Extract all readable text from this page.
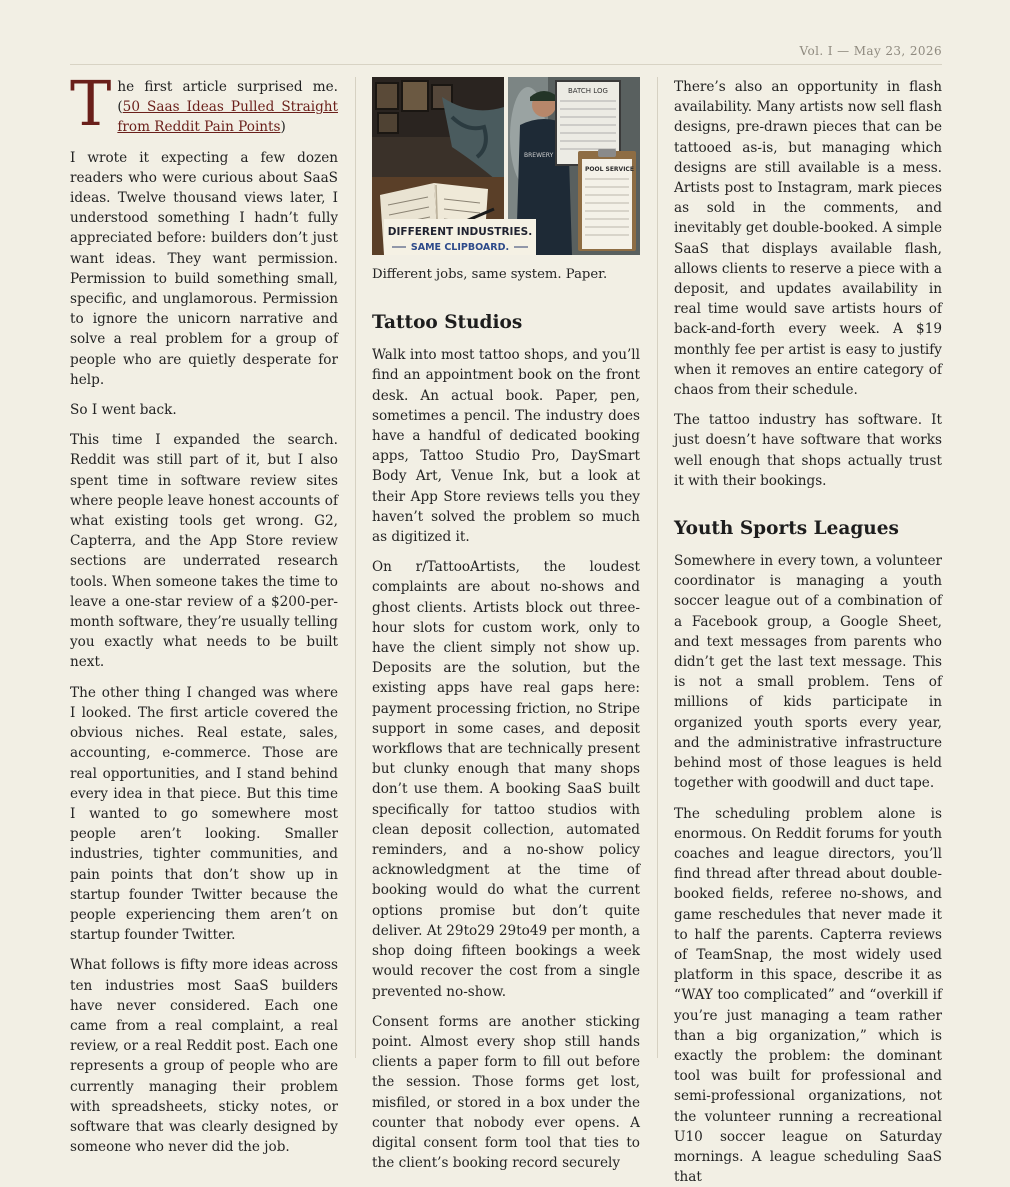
Vol. I — May 23, 2026

The first article surprised me. (50 Saas Ideas Pulled Straight from Reddit Pain Points)

I wrote it expecting a few dozen readers who were curious about SaaS ideas. Twelve thousand views later, I understood something I hadn’t fully appreciated before: builders don’t just want ideas. They want permission. Permission to build something small, specific, and unglamorous. Permission to ignore the unicorn narrative and solve a real problem for a group of people who are quietly desperate for help.

So I went back.

This time I expanded the search. Reddit was still part of it, but I also spent time in software review sites where people leave honest accounts of what existing tools get wrong. G2, Capterra, and the App Store review sections are underrated research tools. When someone takes the time to leave a one-star review of a $200-per-month software, they’re usually telling you exactly what needs to be built next.

The other thing I changed was where I looked. The first article covered the obvious niches. Real estate, sales, accounting, e-commerce. Those are real opportunities, and I stand behind every idea in that piece. But this time I wanted to go somewhere most people aren’t looking. Smaller industries, tighter communities, and pain points that don’t show up in startup founder Twitter because the people experiencing them aren’t on startup founder Twitter.

What follows is fifty more ideas across ten industries most SaaS builders have never considered. Each one came from a real complaint, a real review, or a real Reddit post. Each one represents a group of people who are currently managing their problem with spreadsheets, sticky notes, or software that was clearly designed by someone who never did the job.

BREWERY
BATCH LOG
POOL SERVICE
DIFFERENT INDUSTRIES.
SAME CLIPBOARD.

Different jobs, same system. Paper.

Tattoo Studios

Walk into most tattoo shops, and you’ll find an appointment book on the front desk. An actual book. Paper, pen, sometimes a pencil. The industry does have a handful of dedicated booking apps, Tattoo Studio Pro, DaySmart Body Art, Venue Ink, but a look at their App Store reviews tells you they haven’t solved the problem so much as digitized it.

On r/TattooArtists, the loudest complaints are about no-shows and ghost clients. Artists block out three-hour slots for custom work, only to have the client simply not show up. Deposits are the solution, but the existing apps have real gaps here: payment processing friction, no Stripe support in some cases, and deposit workflows that are technically present but clunky enough that many shops don’t use them. A booking SaaS built specifically for tattoo studios with clean deposit collection, automated reminders, and a no-show policy acknowledgment at the time of booking would do what the current options promise but don’t quite deliver. At 29to29 29to49 per month, a shop doing fifteen bookings a week would recover the cost from a single prevented no-show.

Consent forms are another sticking point. Almost every shop still hands clients a paper form to fill out before the session. Those forms get lost, misfiled, or stored in a box under the counter that nobody ever opens. A digital consent form tool that ties to the client’s booking record securely

There’s also an opportunity in flash availability. Many artists now sell flash designs, pre-drawn pieces that can be tattooed as-is, but managing which designs are still available is a mess. Artists post to Instagram, mark pieces as sold in the comments, and inevitably get double-booked. A simple SaaS that displays available flash, allows clients to reserve a piece with a deposit, and updates availability in real time would save artists hours of back-and-forth every week. A $19 monthly fee per artist is easy to justify when it removes an entire category of chaos from their schedule.

The tattoo industry has software. It just doesn’t have software that works well enough that shops actually trust it with their bookings.

Youth Sports Leagues

Somewhere in every town, a volunteer coordinator is managing a youth soccer league out of a combination of a Facebook group, a Google Sheet, and text messages from parents who didn’t get the last text message. This is not a small problem. Tens of millions of kids participate in organized youth sports every year, and the administrative infrastructure behind most of those leagues is held together with goodwill and duct tape.

The scheduling problem alone is enormous. On Reddit forums for youth coaches and league directors, you’ll find thread after thread about double-booked fields, referee no-shows, and game reschedules that never made it to half the parents. Capterra reviews of TeamSnap, the most widely used platform in this space, describe it as “WAY too complicated” and “overkill if you’re just managing a team rather than a big organization,” which is exactly the problem: the dominant tool was built for professional and semi-professional organizations, not the volunteer running a recreational U10 soccer league on Saturday mornings. A league scheduling SaaS that
